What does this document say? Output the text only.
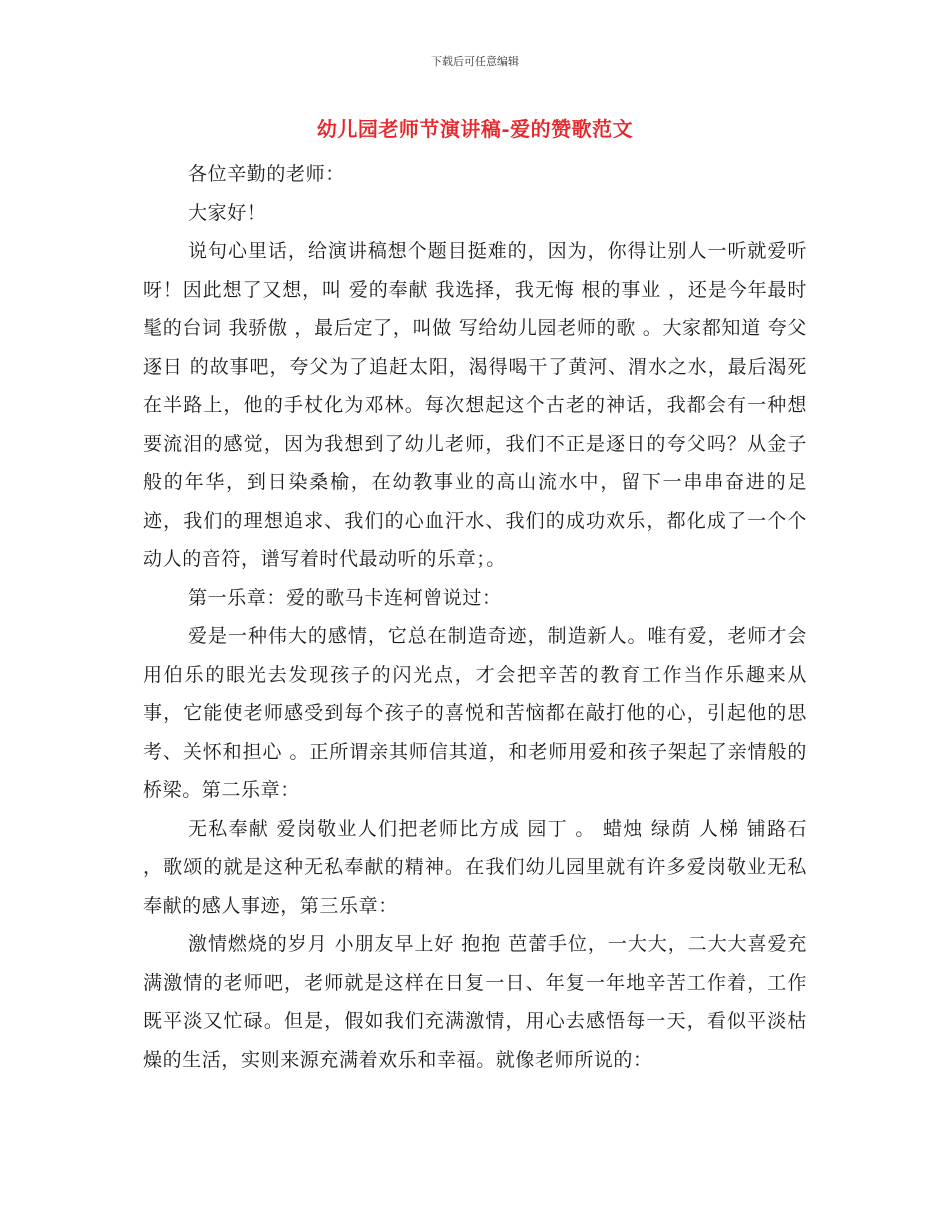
下载后可任意编辑
幼儿园老师节演讲稿-爱的赞歌范文

各位辛勤的老师：

大家好！

说句心里话，给演讲稿想个题目挺难的，因为，你得让别人一听就爱听呀！因此想了又想，叫 爱的奉献 我选择，我无悔 根的事业 ，还是今年最时髦的台词 我骄傲 ，最后定了，叫做 写给幼儿园老师的歌 。大家都知道 夸父逐日 的故事吧，夸父为了追赶太阳，渴得喝干了黄河、渭水之水，最后渴死在半路上，他的手杖化为邓林。每次想起这个古老的神话，我都会有一种想要流泪的感觉，因为我想到了幼儿老师，我们不正是逐日的夸父吗？从金子般的年华，到日染桑榆，在幼教事业的高山流水中，留下一串串奋进的足迹，我们的理想追求、我们的心血汗水、我们的成功欢乐，都化成了一个个动人的音符，谱写着时代最动听的乐章；。

第一乐章：爱的歌马卡连柯曾说过：

爱是一种伟大的感情，它总在制造奇迹，制造新人。唯有爱，老师才会用伯乐的眼光去发现孩子的闪光点，才会把辛苦的教育工作当作乐趣来从事，它能使老师感受到每个孩子的喜悦和苦恼都在敲打他的心，引起他的思考、关怀和担心 。正所谓亲其师信其道，和老师用爱和孩子架起了亲情般的桥梁。第二乐章：

无私奉献 爱岗敬业人们把老师比方成 园丁 。 蜡烛 绿荫 人梯 铺路石 ，歌颂的就是这种无私奉献的精神。在我们幼儿园里就有许多爱岗敬业无私奉献的感人事迹，第三乐章：

激情燃烧的岁月 小朋友早上好 抱抱 芭蕾手位，一大大，二大大喜爱充满激情的老师吧，老师就是这样在日复一日、年复一年地辛苦工作着，工作既平淡又忙碌。但是，假如我们充满激情，用心去感悟每一天，看似平淡枯燥的生活，实则来源充满着欢乐和幸福。就像老师所说的：
